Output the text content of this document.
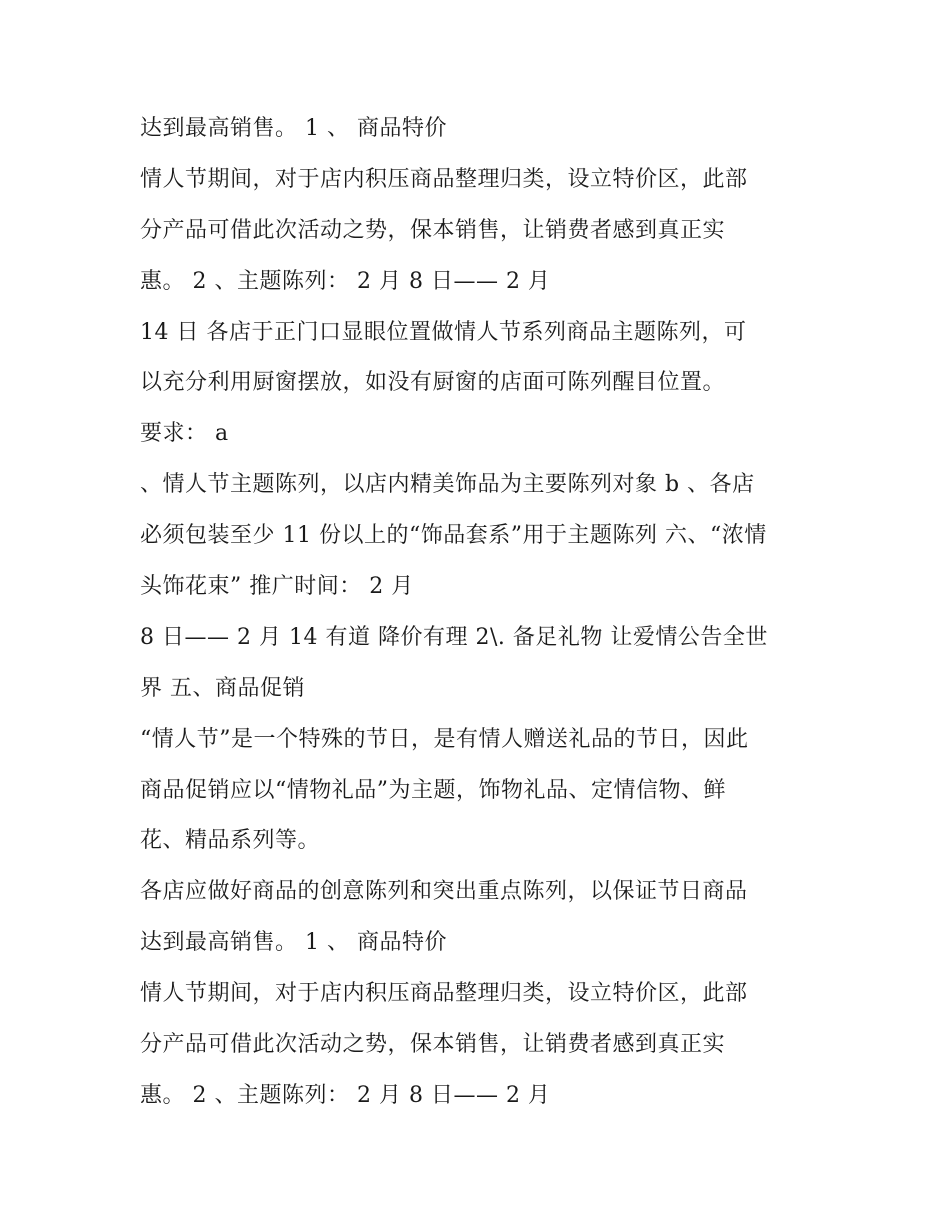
达到最高销售。 1 、 商品特价
情人节期间，对于店内积压商品整理归类，设立特价区，此部
分产品可借此次活动之势，保本销售，让销费者感到真正实
惠。 2 、主题陈列： 2 月 8 日—— 2 月
14 日 各店于正门口显眼位置做情人节系列商品主题陈列，可
以充分利用厨窗摆放，如没有厨窗的店面可陈列醒目位置。
要求： a
、情人节主题陈列，以店内精美饰品为主要陈列对象 b 、各店
必须包装至少 11 份以上的“饰品套系”用于主题陈列 六、“浓情
头饰花束” 推广时间： 2 月
8 日—— 2 月 14 有道 降价有理 2\. 备足礼物 让爱情公告全世
界 五、商品促销
“情人节”是一个特殊的节日，是有情人赠送礼品的节日，因此
商品促销应以“情物礼品”为主题，饰物礼品、定情信物、鲜
花、精品系列等。
各店应做好商品的创意陈列和突出重点陈列，以保证节日商品
达到最高销售。 1 、 商品特价
情人节期间，对于店内积压商品整理归类，设立特价区，此部
分产品可借此次活动之势，保本销售，让销费者感到真正实
惠。 2 、主题陈列： 2 月 8 日—— 2 月
